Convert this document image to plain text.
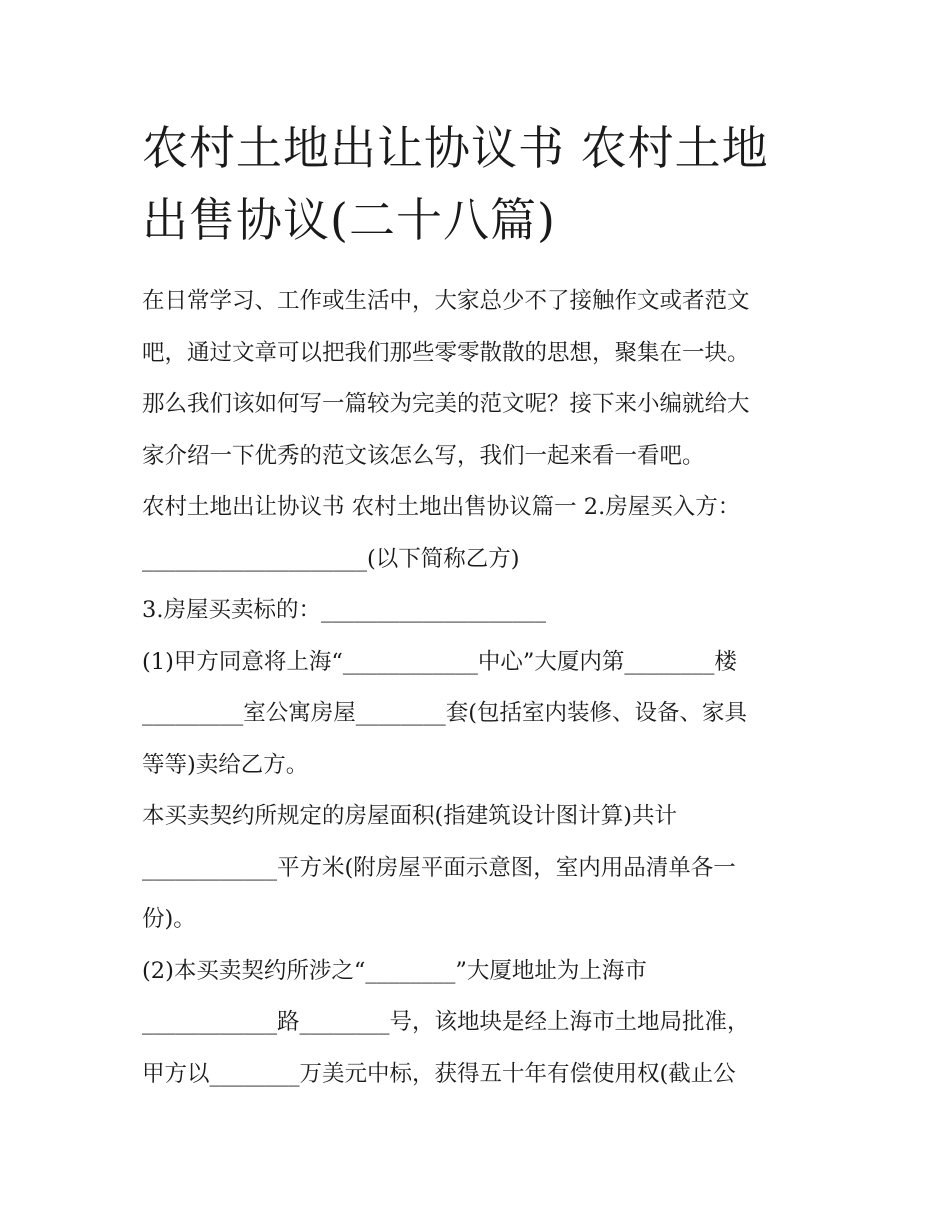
农村土地出让协议书 农村土地
出售协议(二十八篇)

在日常学习、工作或生活中，大家总少不了接触作文或者范文

吧，通过文章可以把我们那些零零散散的思想，聚集在一块。

那么我们该如何写一篇较为完美的范文呢？接下来小编就给大

家介绍一下优秀的范文该怎么写，我们一起来看一看吧。

农村土地出让协议书 农村土地出售协议篇一 2.房屋买入方：

____________________(以下简称乙方)

3.房屋买卖标的：____________________

(1)甲方同意将上海“____________中心”大厦内第________楼

_________室公寓房屋________套(包括室内装修、设备、家具

等等)卖给乙方。

本买卖契约所规定的房屋面积(指建筑设计图计算)共计

____________平方米(附房屋平面示意图，室内用品清单各一

份)。

(2)本买卖契约所涉之“________”大厦地址为上海市

____________路________号，该地块是经上海市土地局批准，

甲方以________万美元中标，获得五十年有偿使用权(截止公
